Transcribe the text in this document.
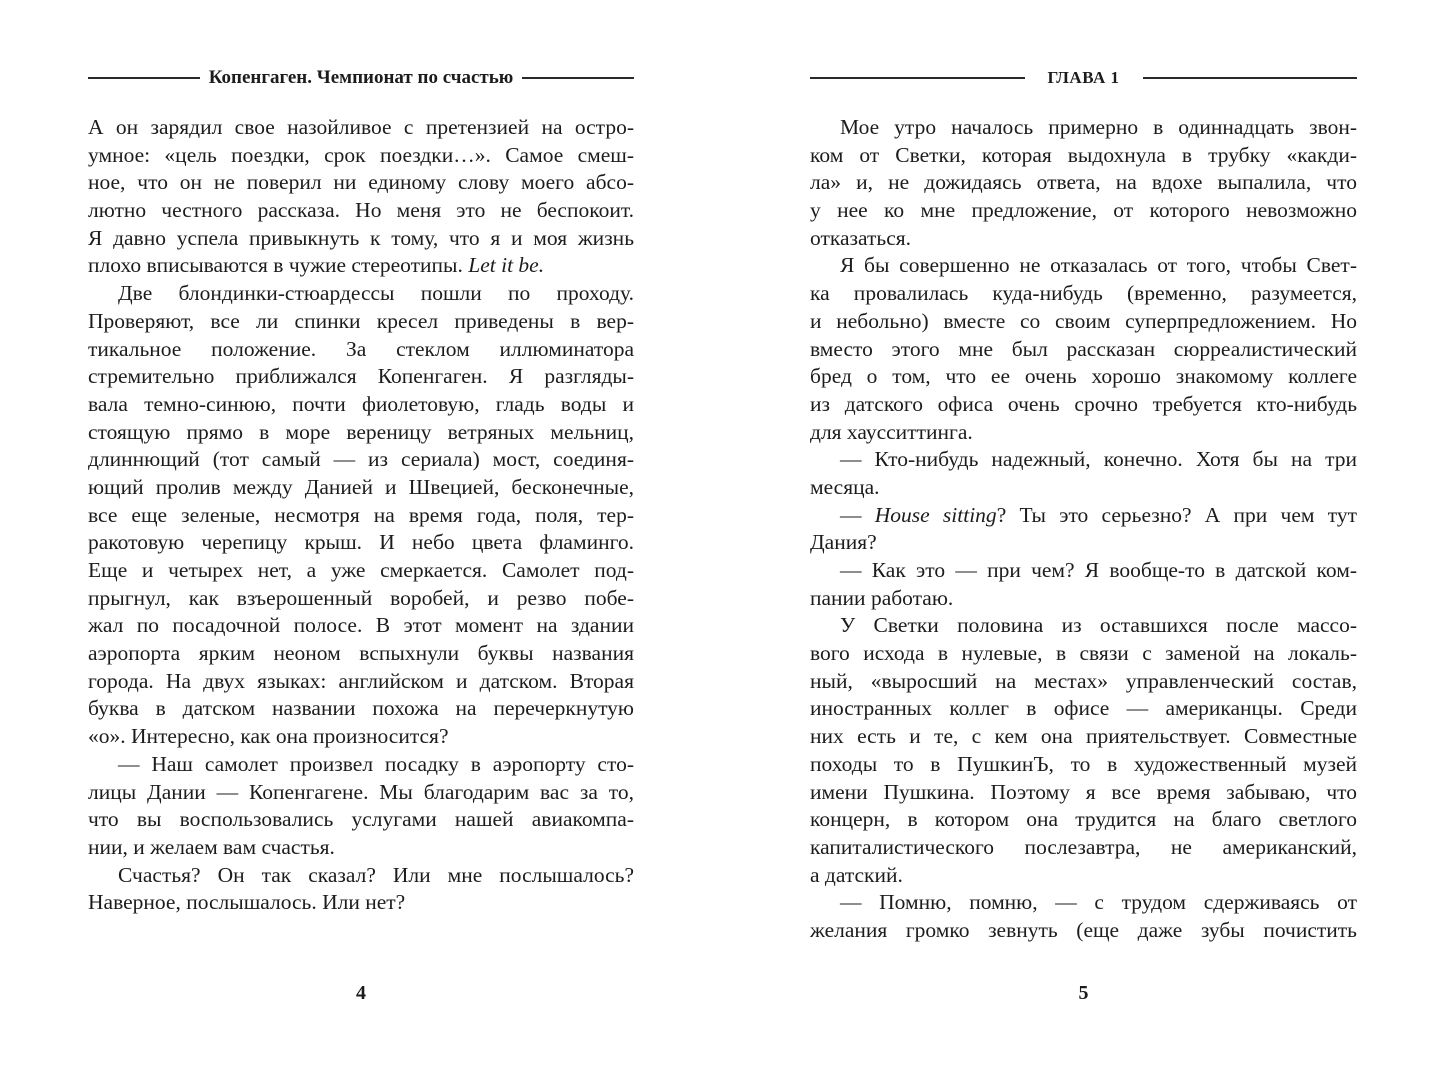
Копенгаген. Чемпионат по счастью
А он зарядил свое назойливое с претензией на остро-
умное: «цель поездки, срок поездки…». Самое смеш-
ное, что он не поверил ни единому слову моего абсо-
лютно честного рассказа. Но меня это не беспокоит.
Я давно успела привыкнуть к тому, что я и моя жизнь
плохо вписываются в чужие стереотипы. Let it be.
Две блондинки-стюардессы пошли по проходу.
Проверяют, все ли спинки кресел приведены в вер-
тикальное положение. За стеклом иллюминатора
стремительно приближался Копенгаген. Я разгляды-
вала темно-синюю, почти фиолетовую, гладь воды и
стоящую прямо в море вереницу ветряных мельниц,
длиннющий (тот самый — из сериала) мост, соединя-
ющий пролив между Данией и Швецией, бесконечные,
все еще зеленые, несмотря на время года, поля, тер-
ракотовую черепицу крыш. И небо цвета фламинго.
Еще и четырех нет, а уже смеркается. Самолет под-
прыгнул, как взъерошенный воробей, и резво побе-
жал по посадочной полосе. В этот момент на здании
аэропорта ярким неоном вспыхнули буквы названия
города. На двух языках: английском и датском. Вторая
буква в датском названии похожа на перечеркнутую
«о». Интересно, как она произносится?
— Наш самолет произвел посадку в аэропорту сто-
лицы Дании — Копенгагене. Мы благодарим вас за то,
что вы воспользовались услугами нашей авиакомпа-
нии, и желаем вам счастья.
Счастья? Он так сказал? Или мне послышалось?
Наверное, послышалось. Или нет?
4
ГЛАВА 1
Мое утро началось примерно в одиннадцать звон-
ком от Светки, которая выдохнула в трубку «какди-
ла» и, не дожидаясь ответа, на вдохе выпалила, что
у нее ко мне предложение, от которого невозможно
отказаться.
Я бы совершенно не отказалась от того, чтобы Свет-
ка провалилась куда-нибудь (временно, разумеется,
и небольно) вместе со своим суперпредложением. Но
вместо этого мне был рассказан сюрреалистический
бред о том, что ее очень хорошо знакомому коллеге
из датского офиса очень срочно требуется кто-нибудь
для хаусситтинга.
— Кто-нибудь надежный, конечно. Хотя бы на три
месяца.
— House sitting? Ты это серьезно? А при чем тут
Дания?
— Как это — при чем? Я вообще-то в датской ком-
пании работаю.
У Светки половина из оставшихся после массо-
вого исхода в нулевые, в связи с заменой на локаль-
ный, «выросший на местах» управленческий состав,
иностранных коллег в офисе — американцы. Среди
них есть и те, с кем она приятельствует. Совместные
походы то в ПушкинЪ, то в художественный музей
имени Пушкина. Поэтому я все время забываю, что
концерн, в котором она трудится на благо светлого
капиталистического послезавтра, не американский,
а датский.
— Помню, помню, — с трудом сдерживаясь от
желания громко зевнуть (еще даже зубы почистить
5
